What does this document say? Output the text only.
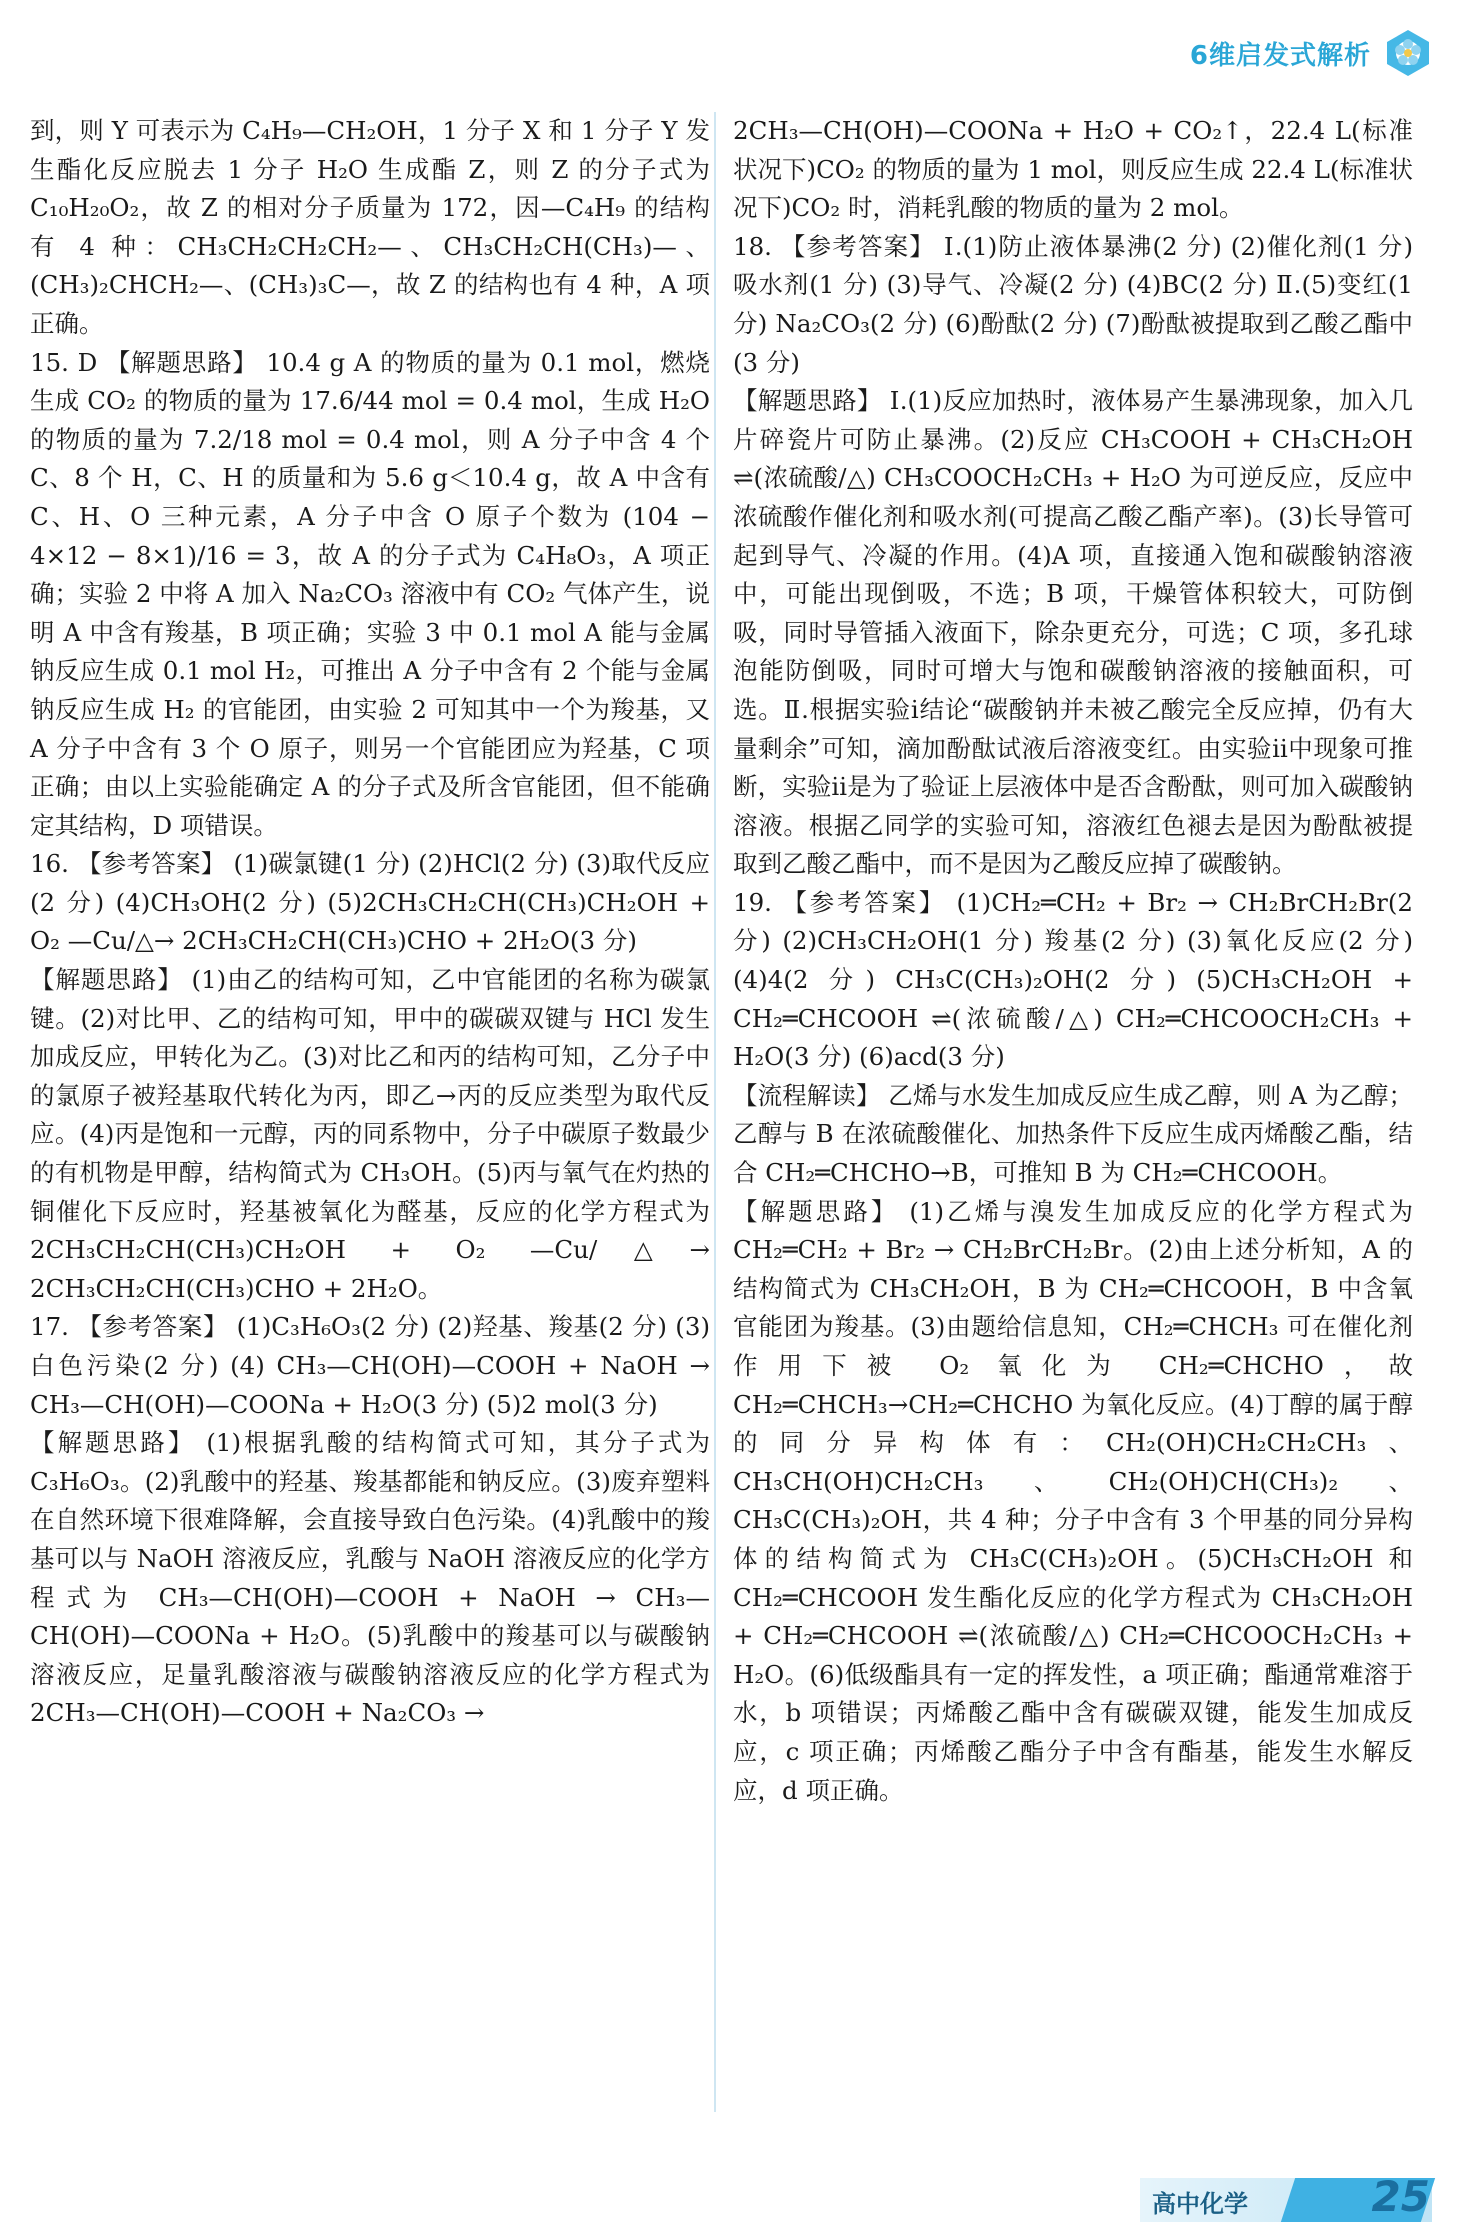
6维启发式解析

到，则 Y 可表示为 C₄H₉—CH₂OH，1 分子 X 和 1 分子 Y 发生酯化反应脱去 1 分子 H₂O 生成酯 Z，则 Z 的分子式为 C₁₀H₂₀O₂，故 Z 的相对分子质量为 172，因—C₄H₉ 的结构有 4 种：CH₃CH₂CH₂CH₂—、CH₃CH₂CH(CH₃)—、(CH₃)₂CHCH₂—、(CH₃)₃C—，故 Z 的结构也有 4 种，A 项正确。

15. D 【解题思路】 10.4 g A 的物质的量为 0.1 mol，燃烧生成 CO₂ 的物质的量为 17.6/44 mol = 0.4 mol，生成 H₂O 的物质的量为 7.2/18 mol = 0.4 mol，则 A 分子中含 4 个 C、8 个 H，C、H 的质量和为 5.6 g＜10.4 g，故 A 中含有 C、H、O 三种元素，A 分子中含 O 原子个数为 (104 − 4×12 − 8×1)/16 = 3，故 A 的分子式为 C₄H₈O₃，A 项正确；实验 2 中将 A 加入 Na₂CO₃ 溶液中有 CO₂ 气体产生，说明 A 中含有羧基，B 项正确；实验 3 中 0.1 mol A 能与金属钠反应生成 0.1 mol H₂，可推出 A 分子中含有 2 个能与金属钠反应生成 H₂ 的官能团，由实验 2 可知其中一个为羧基，又 A 分子中含有 3 个 O 原子，则另一个官能团应为羟基，C 项正确；由以上实验能确定 A 的分子式及所含官能团，但不能确定其结构，D 项错误。

16. 【参考答案】 (1)碳氯键(1 分) (2)HCl(2 分) (3)取代反应(2 分) (4)CH₃OH(2 分) (5)2CH₃CH₂CH(CH₃)CH₂OH + O₂ —Cu/△→ 2CH₃CH₂CH(CH₃)CHO + 2H₂O(3 分)

【解题思路】 (1)由乙的结构可知，乙中官能团的名称为碳氯键。(2)对比甲、乙的结构可知，甲中的碳碳双键与 HCl 发生加成反应，甲转化为乙。(3)对比乙和丙的结构可知，乙分子中的氯原子被羟基取代转化为丙，即乙→丙的反应类型为取代反应。(4)丙是饱和一元醇，丙的同系物中，分子中碳原子数最少的有机物是甲醇，结构简式为 CH₃OH。(5)丙与氧气在灼热的铜催化下反应时，羟基被氧化为醛基，反应的化学方程式为 2CH₃CH₂CH(CH₃)CH₂OH + O₂ —Cu/△→ 2CH₃CH₂CH(CH₃)CHO + 2H₂O。

17. 【参考答案】 (1)C₃H₆O₃(2 分) (2)羟基、羧基(2 分) (3)白色污染(2 分) (4) CH₃—CH(OH)—COOH + NaOH → CH₃—CH(OH)—COONa + H₂O(3 分) (5)2 mol(3 分)

【解题思路】 (1)根据乳酸的结构简式可知，其分子式为 C₃H₆O₃。(2)乳酸中的羟基、羧基都能和钠反应。(3)废弃塑料在自然环境下很难降解，会直接导致白色污染。(4)乳酸中的羧基可以与 NaOH 溶液反应，乳酸与 NaOH 溶液反应的化学方程式为 CH₃—CH(OH)—COOH + NaOH → CH₃—CH(OH)—COONa + H₂O。(5)乳酸中的羧基可以与碳酸钠溶液反应，足量乳酸溶液与碳酸钠溶液反应的化学方程式为 2CH₃—CH(OH)—COOH + Na₂CO₃ →

2CH₃—CH(OH)—COONa + H₂O + CO₂↑，22.4 L(标准状况下)CO₂ 的物质的量为 1 mol，则反应生成 22.4 L(标准状况下)CO₂ 时，消耗乳酸的物质的量为 2 mol。

18. 【参考答案】 Ⅰ.(1)防止液体暴沸(2 分) (2)催化剂(1 分) 吸水剂(1 分) (3)导气、冷凝(2 分) (4)BC(2 分) Ⅱ.(5)变红(1 分) Na₂CO₃(2 分) (6)酚酞(2 分) (7)酚酞被提取到乙酸乙酯中(3 分)

【解题思路】 Ⅰ.(1)反应加热时，液体易产生暴沸现象，加入几片碎瓷片可防止暴沸。(2)反应 CH₃COOH + CH₃CH₂OH ⇌(浓硫酸/△) CH₃COOCH₂CH₃ + H₂O 为可逆反应，反应中浓硫酸作催化剂和吸水剂(可提高乙酸乙酯产率)。(3)长导管可起到导气、冷凝的作用。(4)A 项，直接通入饱和碳酸钠溶液中，可能出现倒吸，不选；B 项，干燥管体积较大，可防倒吸，同时导管插入液面下，除杂更充分，可选；C 项，多孔球泡能防倒吸，同时可增大与饱和碳酸钠溶液的接触面积，可选。Ⅱ.根据实验ⅰ结论“碳酸钠并未被乙酸完全反应掉，仍有大量剩余”可知，滴加酚酞试液后溶液变红。由实验ⅱ中现象可推断，实验ⅱ是为了验证上层液体中是否含酚酞，则可加入碳酸钠溶液。根据乙同学的实验可知，溶液红色褪去是因为酚酞被提取到乙酸乙酯中，而不是因为乙酸反应掉了碳酸钠。

19. 【参考答案】 (1)CH₂═CH₂ + Br₂ → CH₂BrCH₂Br(2 分) (2)CH₃CH₂OH(1 分) 羧基(2 分) (3)氧化反应(2 分) (4)4(2 分) CH₃C(CH₃)₂OH(2 分) (5)CH₃CH₂OH + CH₂═CHCOOH ⇌(浓硫酸/△) CH₂═CHCOOCH₂CH₃ + H₂O(3 分) (6)acd(3 分)

【流程解读】 乙烯与水发生加成反应生成乙醇，则 A 为乙醇；乙醇与 B 在浓硫酸催化、加热条件下反应生成丙烯酸乙酯，结合 CH₂═CHCHO→B，可推知 B 为 CH₂═CHCOOH。

【解题思路】 (1)乙烯与溴发生加成反应的化学方程式为 CH₂═CH₂ + Br₂ → CH₂BrCH₂Br。(2)由上述分析知，A 的结构简式为 CH₃CH₂OH，B 为 CH₂═CHCOOH，B 中含氧官能团为羧基。(3)由题给信息知，CH₂═CHCH₃ 可在催化剂作用下被 O₂ 氧化为 CH₂═CHCHO，故 CH₂═CHCH₃→CH₂═CHCHO 为氧化反应。(4)丁醇的属于醇的同分异构体有：CH₂(OH)CH₂CH₂CH₃、CH₃CH(OH)CH₂CH₃、CH₂(OH)CH(CH₃)₂、CH₃C(CH₃)₂OH，共 4 种；分子中含有 3 个甲基的同分异构体的结构简式为 CH₃C(CH₃)₂OH。(5)CH₃CH₂OH 和 CH₂═CHCOOH 发生酯化反应的化学方程式为 CH₃CH₂OH + CH₂═CHCOOH ⇌(浓硫酸/△) CH₂═CHCOOCH₂CH₃ + H₂O。(6)低级酯具有一定的挥发性，a 项正确；酯通常难溶于水，b 项错误；丙烯酸乙酯中含有碳碳双键，能发生加成反应，c 项正确；丙烯酸乙酯分子中含有酯基，能发生水解反应，d 项正确。

高中化学	25
